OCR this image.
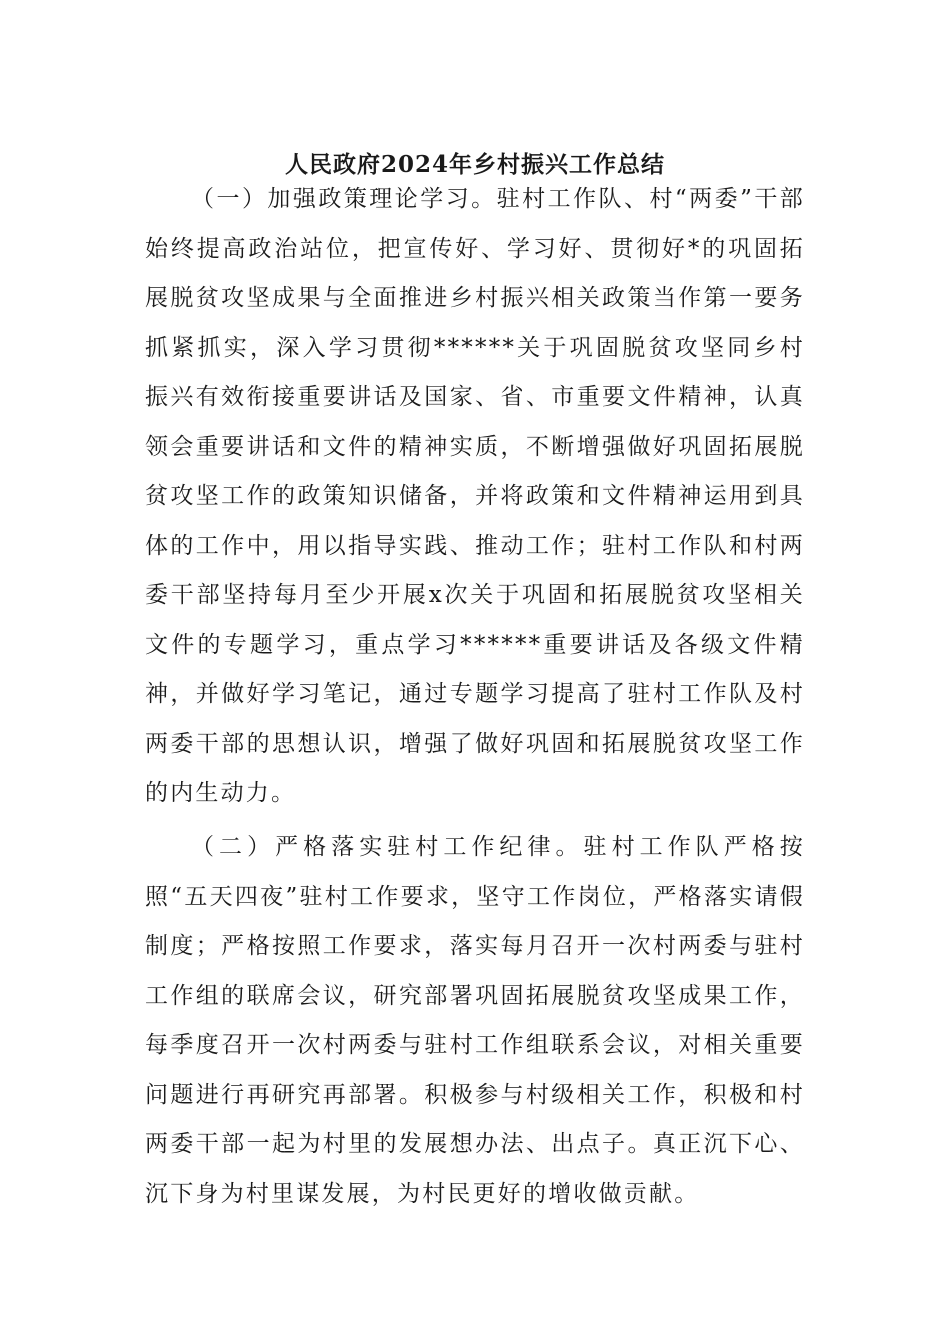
人民政府2024年乡村振兴工作总结

（一）加强政策理论学习。驻村工作队、村“两委”干部始终提高政治站位，把宣传好、学习好、贯彻好*的巩固拓展脱贫攻坚成果与全面推进乡村振兴相关政策当作第一要务抓紧抓实，深入学习贯彻******关于巩固脱贫攻坚同乡村振兴有效衔接重要讲话及国家、省、市重要文件精神，认真领会重要讲话和文件的精神实质，不断增强做好巩固拓展脱贫攻坚工作的政策知识储备，并将政策和文件精神运用到具体的工作中，用以指导实践、推动工作；驻村工作队和村两委干部坚持每月至少开展x次关于巩固和拓展脱贫攻坚相关文件的专题学习，重点学习******重要讲话及各级文件精神，并做好学习笔记，通过专题学习提高了驻村工作队及村两委干部的思想认识，增强了做好巩固和拓展脱贫攻坚工作的内生动力。

（二）严格落实驻村工作纪律。驻村工作队严格按照“五天四夜”驻村工作要求，坚守工作岗位，严格落实请假制度；严格按照工作要求，落实每月召开一次村两委与驻村工作组的联席会议，研究部署巩固拓展脱贫攻坚成果工作，每季度召开一次村两委与驻村工作组联系会议，对相关重要问题进行再研究再部署。积极参与村级相关工作，积极和村两委干部一起为村里的发展想办法、出点子。真正沉下心、沉下身为村里谋发展，为村民更好的增收做贡献。
